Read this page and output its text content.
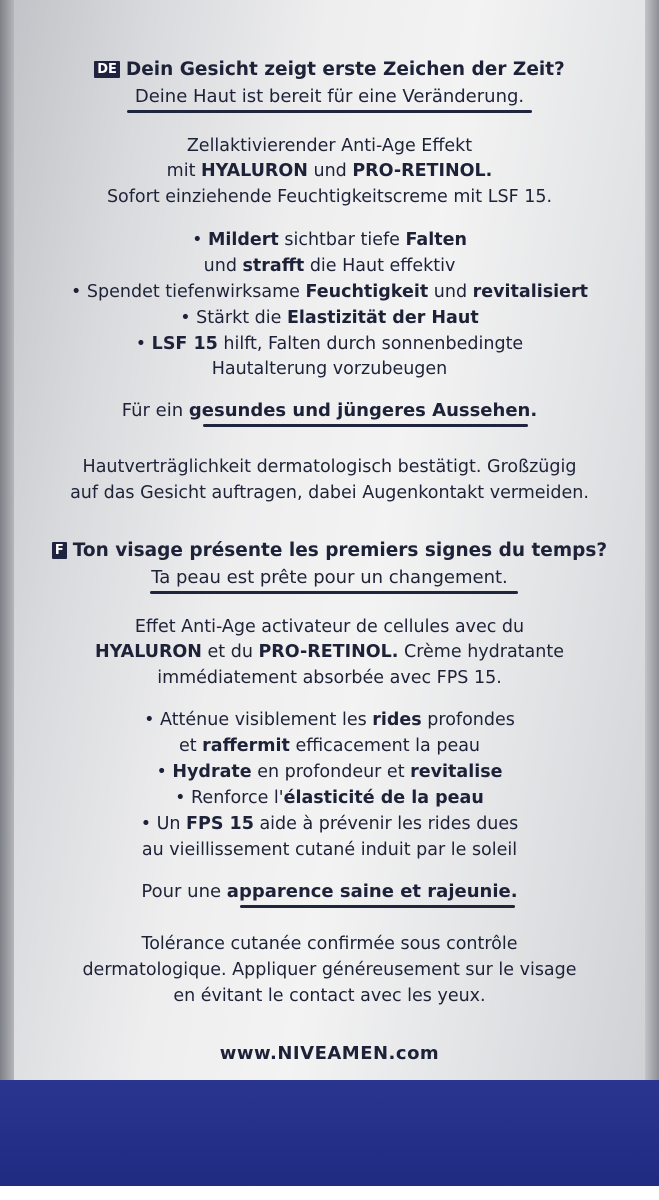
DE Dein Gesicht zeigt erste Zeichen der Zeit?
Deine Haut ist bereit für eine Veränderung.
Zellaktivierender Anti-Age Effekt
mit HYALURON und PRO-RETINOL.
Sofort einziehende Feuchtigkeitscreme mit LSF 15.
• Mildert sichtbar tiefe Falten
und strafft die Haut effektiv
• Spendet tiefenwirksame Feuchtigkeit und revitalisiert
• Stärkt die Elastizität der Haut
• LSF 15 hilft, Falten durch sonnenbedingte
Hautalterung vorzubeugen
Für ein gesundes und jüngeres Aussehen.
Hautverträglichkeit dermatologisch bestätigt. Großzügig
auf das Gesicht auftragen, dabei Augenkontakt vermeiden.
F Ton visage présente les premiers signes du temps?
Ta peau est prête pour un changement.
Effet Anti-Age activateur de cellules avec du
HYALURON et du PRO-RETINOL. Crème hydratante
immédiatement absorbée avec FPS 15.
• Atténue visiblement les rides profondes
et raffermit efficacement la peau
• Hydrate en profondeur et revitalise
• Renforce l'élasticité de la peau
• Un FPS 15 aide à prévenir les rides dues
au vieillissement cutané induit par le soleil
Pour une apparence saine et rajeunie.
Tolérance cutanée confirmée sous contrôle
dermatologique. Appliquer généreusement sur le visage
en évitant le contact avec les yeux.
www.NIVEAMEN.com
